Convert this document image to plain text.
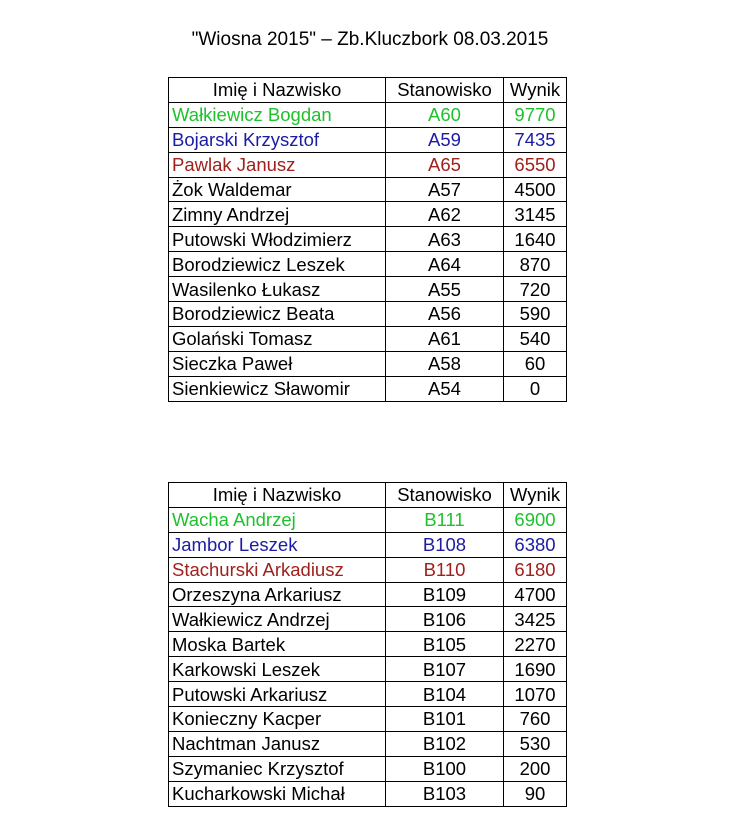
"Wiosna 2015" – Zb.Kluczbork 08.03.2015
Imię i Nazwisko	Stanowisko	Wynik
Wałkiewicz Bogdan	A60	9770
Bojarski Krzysztof	A59	7435
Pawlak Janusz	A65	6550
Żok Waldemar	A57	4500
Zimny Andrzej	A62	3145
Putowski Włodzimierz	A63	1640
Borodziewicz Leszek	A64	870
Wasilenko Łukasz	A55	720
Borodziewicz Beata	A56	590
Golański Tomasz	A61	540
Sieczka Paweł	A58	60
Sienkiewicz Sławomir	A54	0
Imię i Nazwisko	Stanowisko	Wynik
Wacha Andrzej	B111	6900
Jambor Leszek	B108	6380
Stachurski Arkadiusz	B110	6180
Orzeszyna Arkariusz	B109	4700
Wałkiewicz Andrzej	B106	3425
Moska Bartek	B105	2270
Karkowski Leszek	B107	1690
Putowski Arkariusz	B104	1070
Konieczny Kacper	B101	760
Nachtman Janusz	B102	530
Szymaniec Krzysztof	B100	200
Kucharkowski Michał	B103	90
